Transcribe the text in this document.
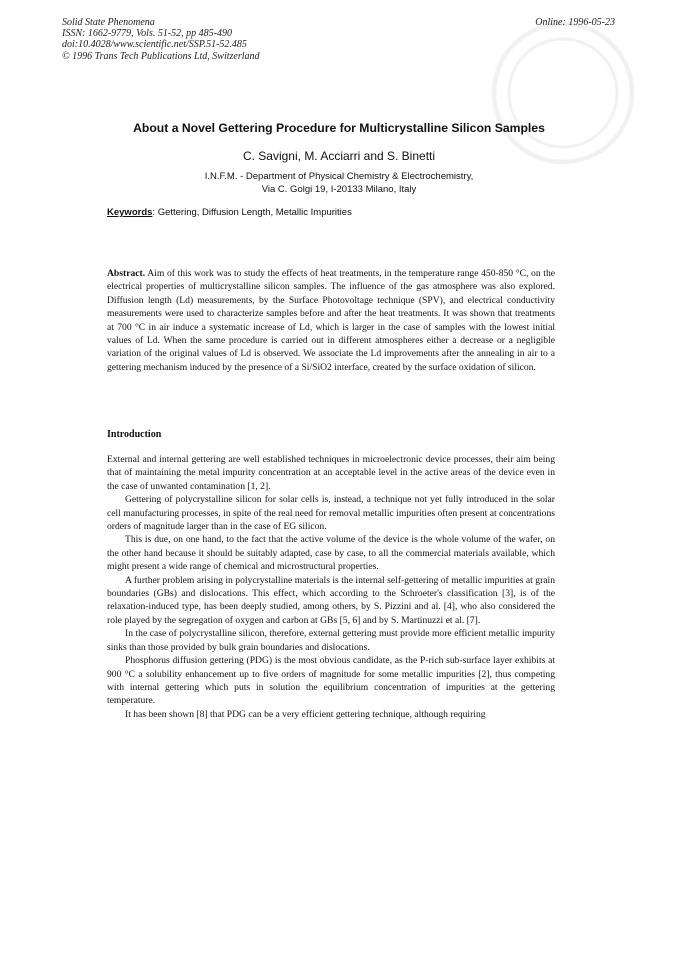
Solid State Phenomena
ISSN: 1662-9779, Vols. 51-52, pp 485-490
doi:10.4028/www.scientific.net/SSP.51-52.485
© 1996 Trans Tech Publications Ltd, Switzerland
Online: 1996-05-23
About a Novel Gettering Procedure for Multicrystalline Silicon Samples
C. Savigni, M. Acciarri and S. Binetti
I.N.F.M. - Department of Physical Chemistry & Electrochemistry,
Via C. Golgi 19, I-20133 Milano, Italy
Keywords: Gettering, Diffusion Length, Metallic Impurities
Abstract. Aim of this work was to study the effects of heat treatments, in the temperature range 450-850 °C, on the electrical properties of multicrystalline silicon samples. The influence of the gas atmosphere was also explored. Diffusion length (Ld) measurements, by the Surface Photovoltage technique (SPV), and electrical conductivity measurements were used to characterize samples before and after the heat treatments. It was shown that treatments at 700 °C in air induce a systematic increase of Ld, which is larger in the case of samples with the lowest initial values of Ld. When the same procedure is carried out in different atmospheres either a decrease or a negligible variation of the original values of Ld is observed. We associate the Ld improvements after the annealing in air to a gettering mechanism induced by the presence of a Si/SiO2 interface, created by the surface oxidation of silicon.
Introduction

External and internal gettering are well established techniques in microelectronic device processes, their aim being that of maintaining the metal impurity concentration at an acceptable level in the active areas of the device even in the case of unwanted contamination [1, 2].

Gettering of polycrystalline silicon for solar cells is, instead, a technique not yet fully introduced in the solar cell manufacturing processes, in spite of the real need for removal metallic impurities often present at concentrations orders of magnitude larger than in the case of EG silicon.

This is due, on one hand, to the fact that the active volume of the device is the whole volume of the wafer, on the other hand because it should be suitably adapted, case by case, to all the commercial materials available, which might present a wide range of chemical and microstructural properties.

A further problem arising in polycrystalline materials is the internal self-gettering of metallic impurities at grain boundaries (GBs) and dislocations. This effect, which according to the Schroeter's classification [3], is of the relaxation-induced type, has been deeply studied, among others, by S. Pizzini and al. [4], who also considered the role played by the segregation of oxygen and carbon at GBs [5, 6] and by S. Martinuzzi et al. [7].

In the case of polycrystalline silicon, therefore, external gettering must provide more efficient metallic impurity sinks than those provided by bulk grain boundaries and dislocations.

Phosphorus diffusion gettering (PDG) is the most obvious candidate, as the P-rich sub-surface layer exhibits at 900 °C a solubility enhancement up to five orders of magnitude for some metallic impurities [2], thus competing with internal gettering which puts in solution the equilibrium concentration of impurities at the gettering temperature.

It has been shown [8] that PDG can be a very efficient gettering technique, although requiring
